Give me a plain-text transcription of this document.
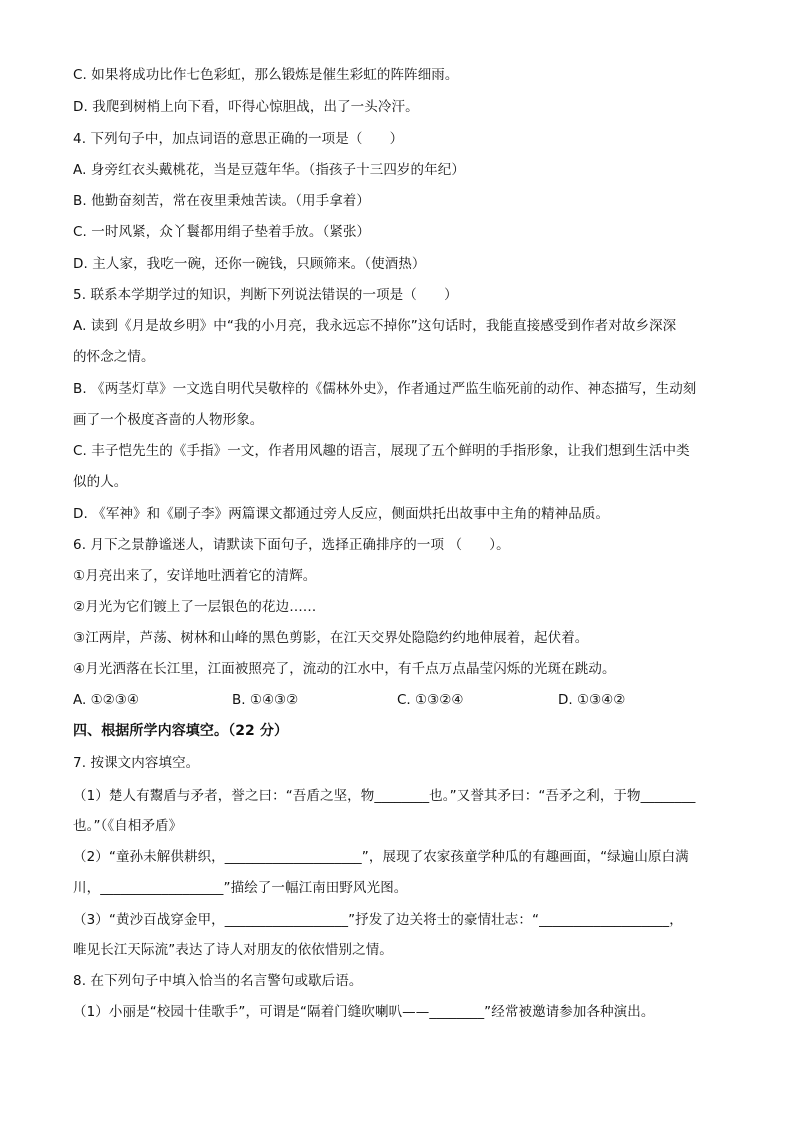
C. 如果将成功比作七色彩虹，那么锻炼是催生彩虹的阵阵细雨。
D. 我爬到树梢上向下看，吓得心惊胆战，出了一头冷汗。
4. 下列句子中，加点词语的意思正确的一项是（　　）
A. 身旁红衣头戴桃花，当是豆蔻年华。（指孩子十三四岁的年纪）
B. 他勤奋刻苦，常在夜里秉烛苦读。（用手拿着）
C. 一时风紧，众丫鬟都用绢子垫着手放。（紧张）
D. 主人家，我吃一碗，还你一碗钱，只顾筛来。（使酒热）
5. 联系本学期学过的知识，判断下列说法错误的一项是（　　）
A. 读到《月是故乡明》中“我的小月亮，我永远忘不掉你”这句话时，我能直接感受到作者对故乡深深
的怀念之情。
B. 《两茎灯草》一文选自明代吴敬梓的《儒林外史》，作者通过严监生临死前的动作、神态描写，生动刻
画了一个极度吝啬的人物形象。
C. 丰子恺先生的《手指》一文，作者用风趣的语言，展现了五个鲜明的手指形象，让我们想到生活中类
似的人。
D. 《军神》和《刷子李》两篇课文都通过旁人反应，侧面烘托出故事中主角的精神品质。
6. 月下之景静谧迷人，请默读下面句子，选择正确排序的一项 （　　）。
①月亮出来了，安详地吐洒着它的清辉。
②月光为它们镀上了一层银色的花边……
③江两岸，芦荡、树林和山峰的黑色剪影，在江天交界处隐隐约约地伸展着，起伏着。
④月光洒落在长江里，江面被照亮了，流动的江水中，有千点万点晶莹闪烁的光斑在跳动。
A. ①②③④	B. ①④③②	C. ①③②④	D. ①③④②
四、根据所学内容填空。（22 分）
7. 按课文内容填空。
（1）楚人有鬻盾与矛者，誉之曰：“吾盾之坚，物________也。”又誉其矛曰：“吾矛之利，于物________
也。”（《自相矛盾》
（2）“童孙未解供耕织，____________________”，展现了农家孩童学种瓜的有趣画面，“绿遍山原白满
川，__________________”描绘了一幅江南田野风光图。
（3）“黄沙百战穿金甲，__________________”抒发了边关将士的豪情壮志：“___________________，
唯见长江天际流”表达了诗人对朋友的依依惜别之情。
8. 在下列句子中填入恰当的名言警句或歇后语。
（1）小丽是“校园十佳歌手”，可谓是“隔着门缝吹喇叭——________”经常被邀请参加各种演出。
